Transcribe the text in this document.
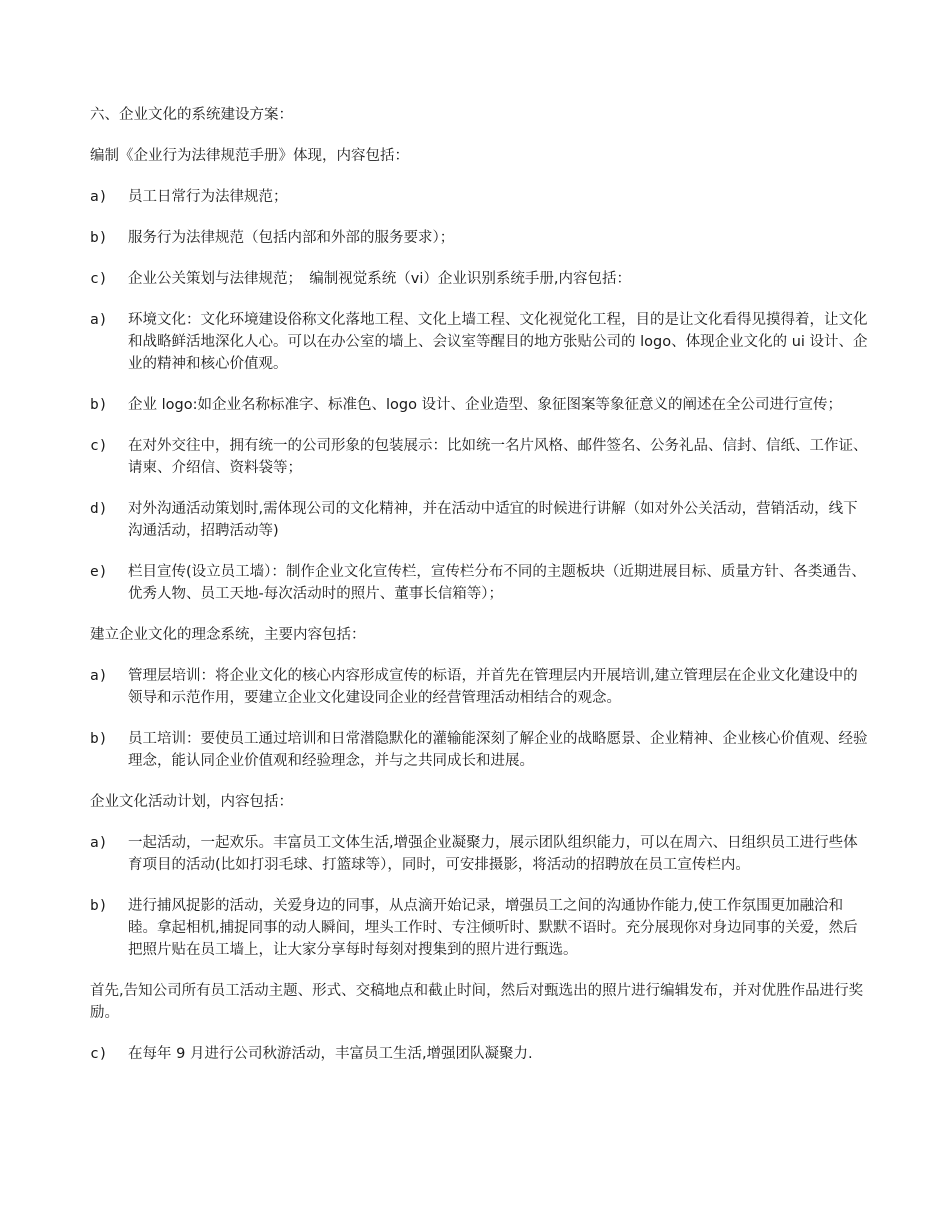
六、企业文化的系统建设方案：

编制《企业行为法律规范手册》体现，内容包括：

a)	员工日常行为法律规范；
b)	服务行为法律规范（包括内部和外部的服务要求）；
c)	企业公关策划与法律规范；　编制视觉系统（vi）企业识别系统手册,内容包括：
a)	环境文化：文化环境建设俗称文化落地工程、文化上墙工程、文化视觉化工程，目的是让文化看得见摸得着，让文化和战略鲜活地深化人心。可以在办公室的墙上、会议室等醒目的地方张贴公司的 logo、体现企业文化的 ui 设计、企业的精神和核心价值观。
b)	企业 logo:如企业名称标准字、标准色、logo 设计、企业造型、象征图案等象征意义的阐述在全公司进行宣传；
c)	在对外交往中，拥有统一的公司形象的包装展示：比如统一名片风格、邮件签名、公务礼品、信封、信纸、工作证、请柬、介绍信、资料袋等；
d)	对外沟通活动策划时,需体现公司的文化精神，并在活动中适宜的时候进行讲解（如对外公关活动，营销活动，线下沟通活动，招聘活动等)
e)	栏目宣传(设立员工墙）：制作企业文化宣传栏，宣传栏分布不同的主题板块（近期进展目标、质量方针、各类通告、优秀人物、员工天地-每次活动时的照片、董事长信箱等）；

建立企业文化的理念系统，主要内容包括：

a)	管理层培训：将企业文化的核心内容形成宣传的标语，并首先在管理层内开展培训,建立管理层在企业文化建设中的领导和示范作用，要建立企业文化建设同企业的经营管理活动相结合的观念。
b)	员工培训：要使员工通过培训和日常潜隐默化的灌输能深刻了解企业的战略愿景、企业精神、企业核心价值观、经验理念，能认同企业价值观和经验理念，并与之共同成长和进展。

企业文化活动计划，内容包括：

a)	一起活动，一起欢乐。丰富员工文体生活,增强企业凝聚力，展示团队组织能力，可以在周六、日组织员工进行些体育项目的活动(比如打羽毛球、打篮球等），同时，可安排摄影，将活动的招聘放在员工宣传栏内。
b)	进行捕风捉影的活动，关爱身边的同事，从点滴开始记录，增强员工之间的沟通协作能力,使工作氛围更加融洽和睦。拿起相机,捕捉同事的动人瞬间，埋头工作时、专注倾听时、默默不语时。充分展现你对身边同事的关爱，然后把照片贴在员工墙上，让大家分享每时每刻对搜集到的照片进行甄选。

首先,告知公司所有员工活动主题、形式、交稿地点和截止时间，然后对甄选出的照片进行编辑发布，并对优胜作品进行奖励。

c)	在每年 9 月进行公司秋游活动，丰富员工生活,增强团队凝聚力.
